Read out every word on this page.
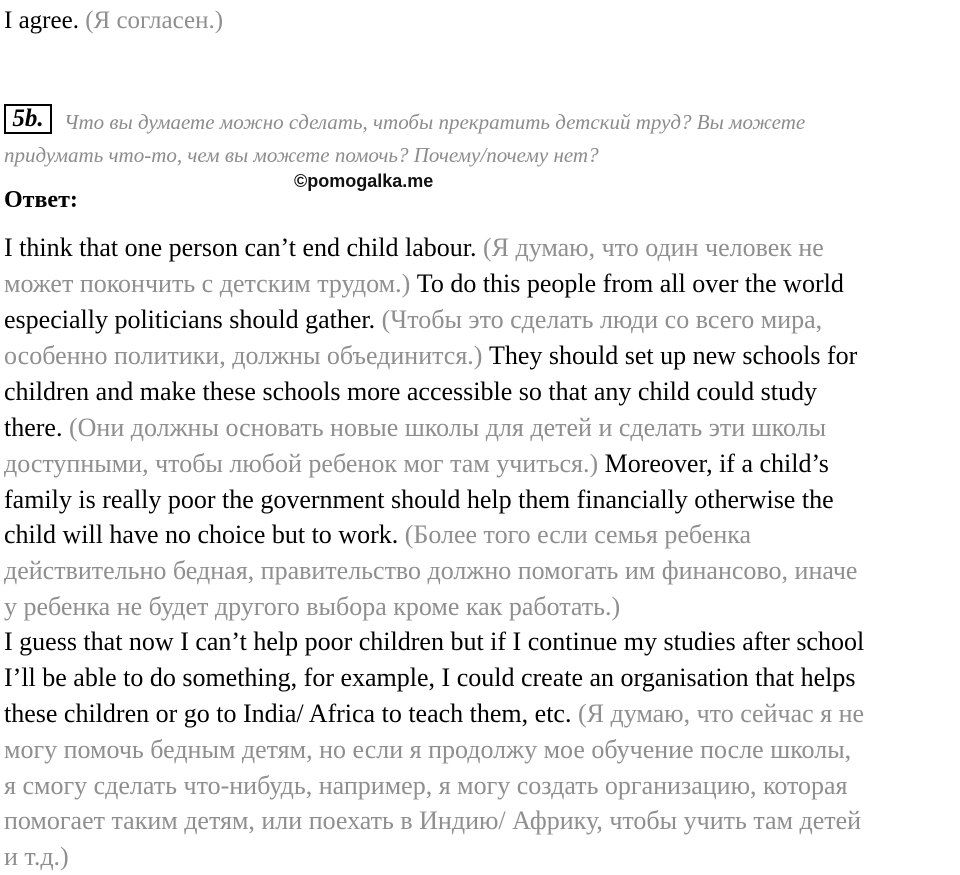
I agree. (Я согласен.)
5b. Что вы думаете можно сделать, чтобы прекратить детский труд? Вы можете
придумать что-то, чем вы можете помочь? Почему/почему нет?
©pomogalka.me
Ответ:
I think that one person can’t end child labour. (Я думаю, что один человек не
может покончить с детским трудом.) To do this people from all over the world
especially politicians should gather. (Чтобы это сделать люди со всего мира,
особенно политики, должны объединится.) They should set up new schools for
children and make these schools more accessible so that any child could study
there. (Они должны основать новые школы для детей и сделать эти школы
доступными, чтобы любой ребенок мог там учиться.) Moreover, if a child’s
family is really poor the government should help them financially otherwise the
child will have no choice but to work. (Более того если семья ребенка
действительно бедная, правительство должно помогать им финансово, иначе
у ребенка не будет другого выбора кроме как работать.)
I guess that now I can’t help poor children but if I continue my studies after school
I’ll be able to do something, for example, I could create an organisation that helps
these children or go to India/ Africa to teach them, etc. (Я думаю, что сейчас я не
могу помочь бедным детям, но если я продолжу мое обучение после школы,
я смогу сделать что-нибудь, например, я могу создать организацию, которая
помогает таким детям, или поехать в Индию/ Африку, чтобы учить там детей
и т.д.)
